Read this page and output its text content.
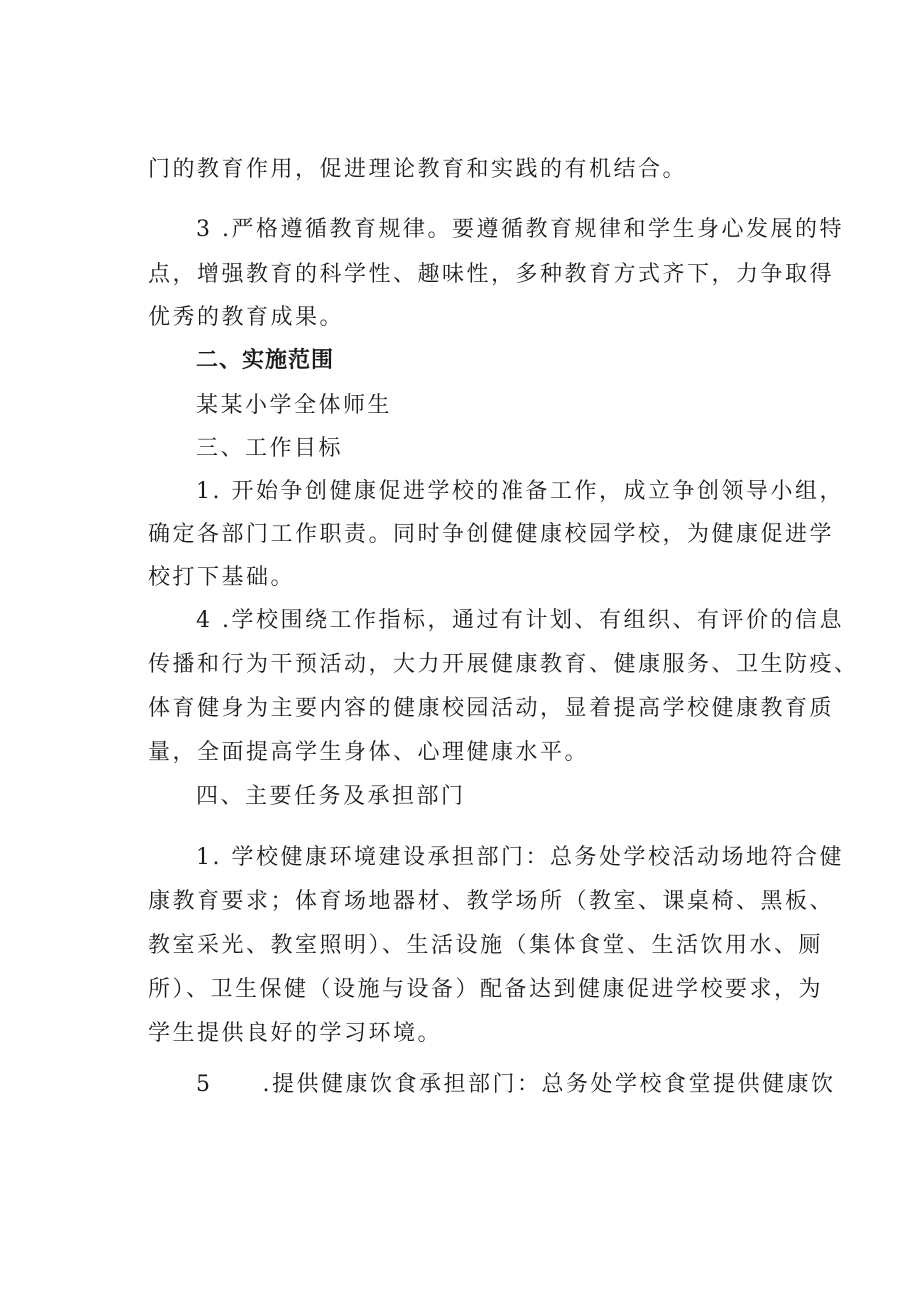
门的教育作用，促进理论教育和实践的有机结合。
3 .严格遵循教育规律。要遵循教育规律和学生身心发展的特
点，增强教育的科学性、趣味性，多种教育方式齐下，力争取得
优秀的教育成果。
二、实施范围
某某小学全体师生
三、工作目标
1. 开始争创健康促进学校的准备工作，成立争创领导小组，
确定各部门工作职责。同时争创健健康校园学校，为健康促进学
校打下基础。
4 .学校围绕工作指标，通过有计划、有组织、有评价的信息
传播和行为干预活动，大力开展健康教育、健康服务、卫生防疫、
体育健身为主要内容的健康校园活动，显着提高学校健康教育质
量，全面提高学生身体、心理健康水平。
四、主要任务及承担部门
1. 学校健康环境建设承担部门：总务处学校活动场地符合健
康教育要求；体育场地器材、教学场所（教室、课桌椅、黑板、
教室采光、教室照明）、生活设施（集体食堂、生活饮用水、厕
所）、卫生保健（设施与设备）配备达到健康促进学校要求，为
学生提供良好的学习环境。
5 .提供健康饮食承担部门：总务处学校食堂提供健康饮
